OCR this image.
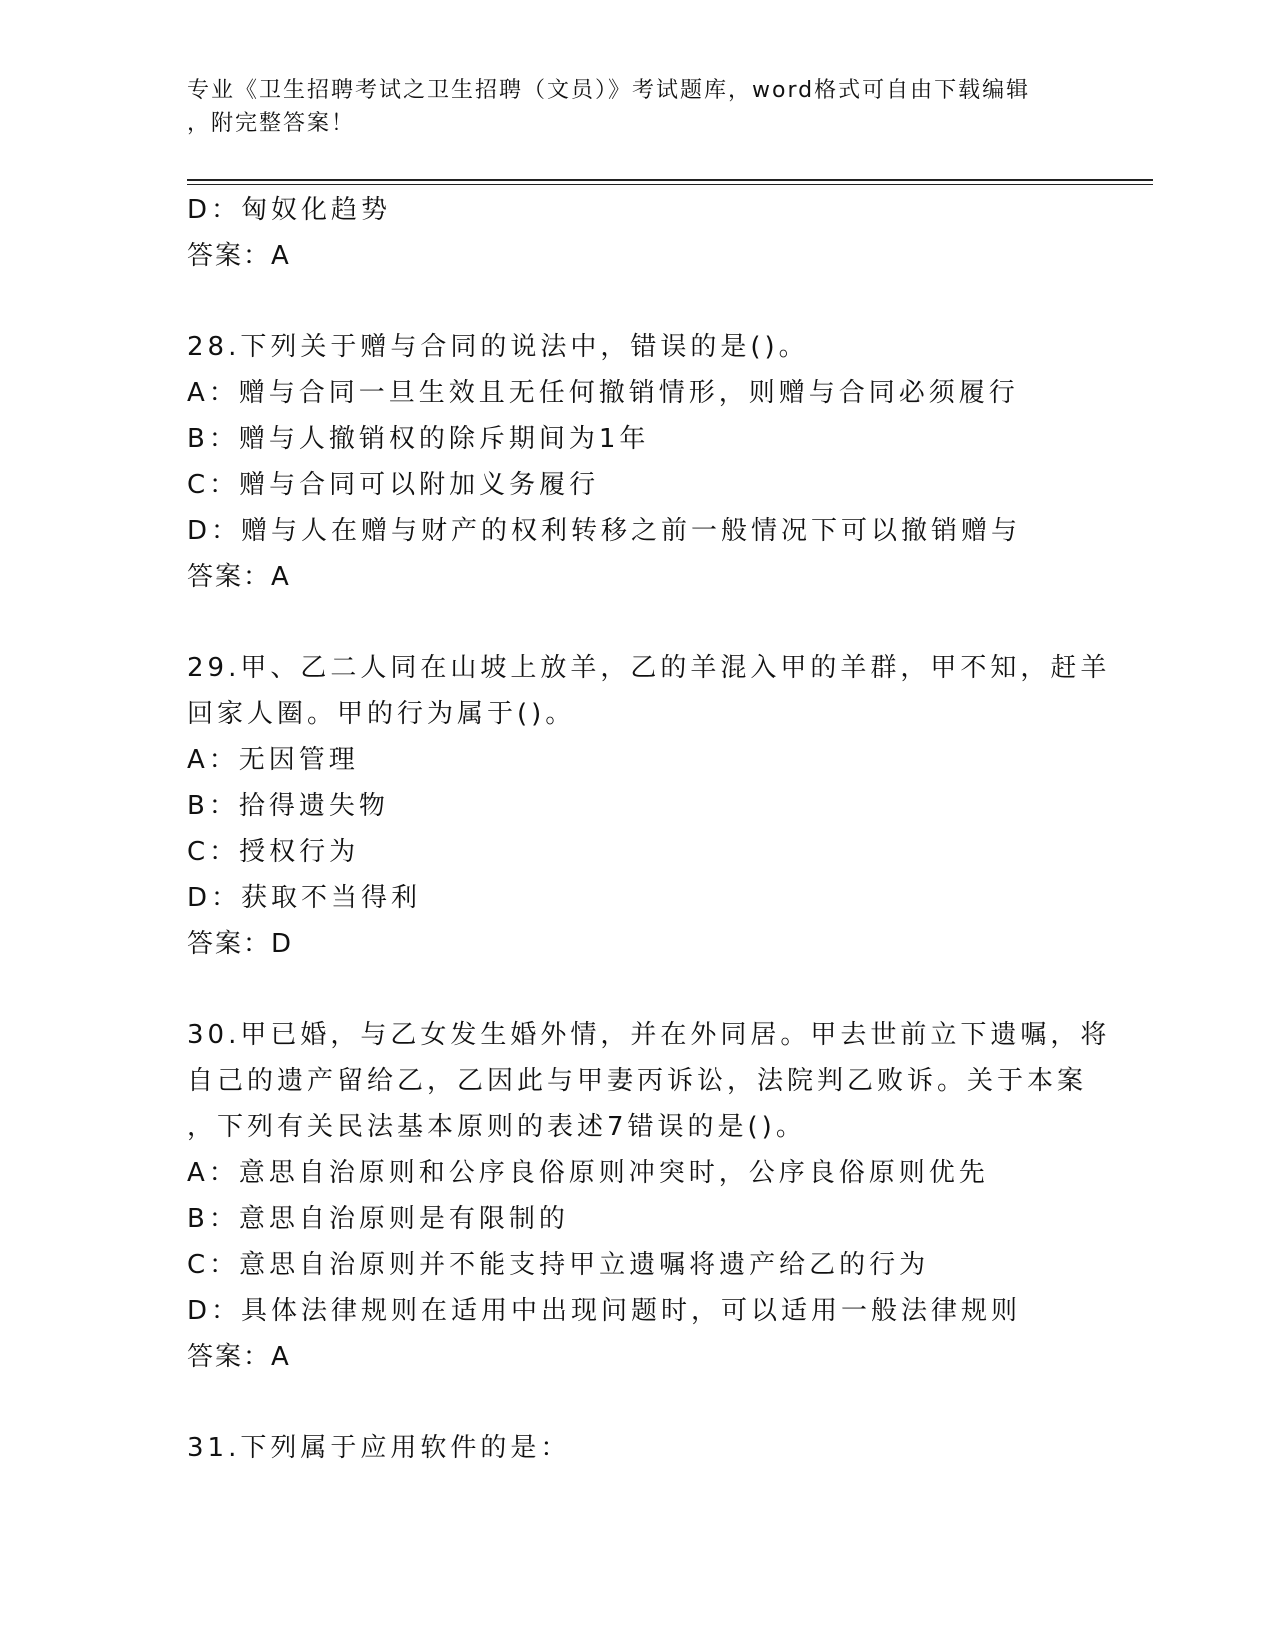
专业《卫生招聘考试之卫生招聘（文员）》考试题库，word格式可自由下载编辑
，附完整答案！
D：匈奴化趋势
答案：A
28.下列关于赠与合同的说法中，错误的是()。
A：赠与合同一旦生效且无任何撤销情形，则赠与合同必须履行
B：赠与人撤销权的除斥期间为1年
C：赠与合同可以附加义务履行
D：赠与人在赠与财产的权利转移之前一般情况下可以撤销赠与
答案：A
29.甲、乙二人同在山坡上放羊，乙的羊混入甲的羊群，甲不知，赶羊
回家人圈。甲的行为属于()。
A：无因管理
B：拾得遗失物
C：授权行为
D：获取不当得利
答案：D
30.甲已婚，与乙女发生婚外情，并在外同居。甲去世前立下遗嘱，将
自己的遗产留给乙，乙因此与甲妻丙诉讼，法院判乙败诉。关于本案
，下列有关民法基本原则的表述7错误的是()。
A：意思自治原则和公序良俗原则冲突时，公序良俗原则优先
B：意思自治原则是有限制的
C：意思自治原则并不能支持甲立遗嘱将遗产给乙的行为
D：具体法律规则在适用中出现问题时，可以适用一般法律规则
答案：A
31.下列属于应用软件的是：
